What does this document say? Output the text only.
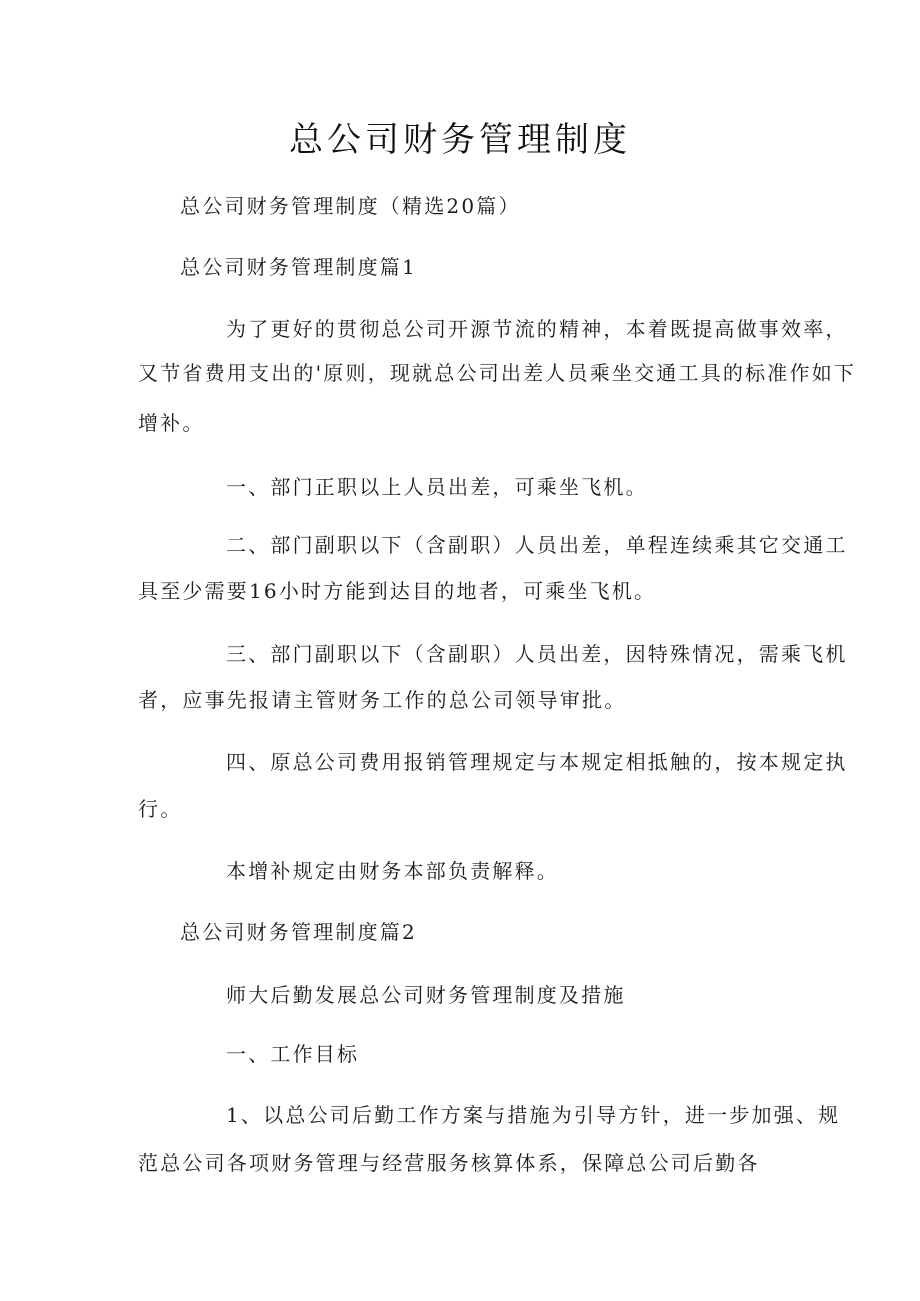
总公司财务管理制度
总公司财务管理制度（精选20篇）
总公司财务管理制度篇1
为了更好的贯彻总公司开源节流的精神，本着既提高做事效率，
又节省费用支出的'原则，现就总公司出差人员乘坐交通工具的标准作如下
增补。
一、部门正职以上人员出差，可乘坐飞机。
二、部门副职以下（含副职）人员出差，单程连续乘其它交通工
具至少需要16小时方能到达目的地者，可乘坐飞机。
三、部门副职以下（含副职）人员出差，因特殊情况，需乘飞机
者，应事先报请主管财务工作的总公司领导审批。
四、原总公司费用报销管理规定与本规定相抵触的，按本规定执
行。
本增补规定由财务本部负责解释。
总公司财务管理制度篇2
师大后勤发展总公司财务管理制度及措施
一、工作目标
1、以总公司后勤工作方案与措施为引导方针，进一步加强、规
范总公司各项财务管理与经营服务核算体系，保障总公司后勤各
